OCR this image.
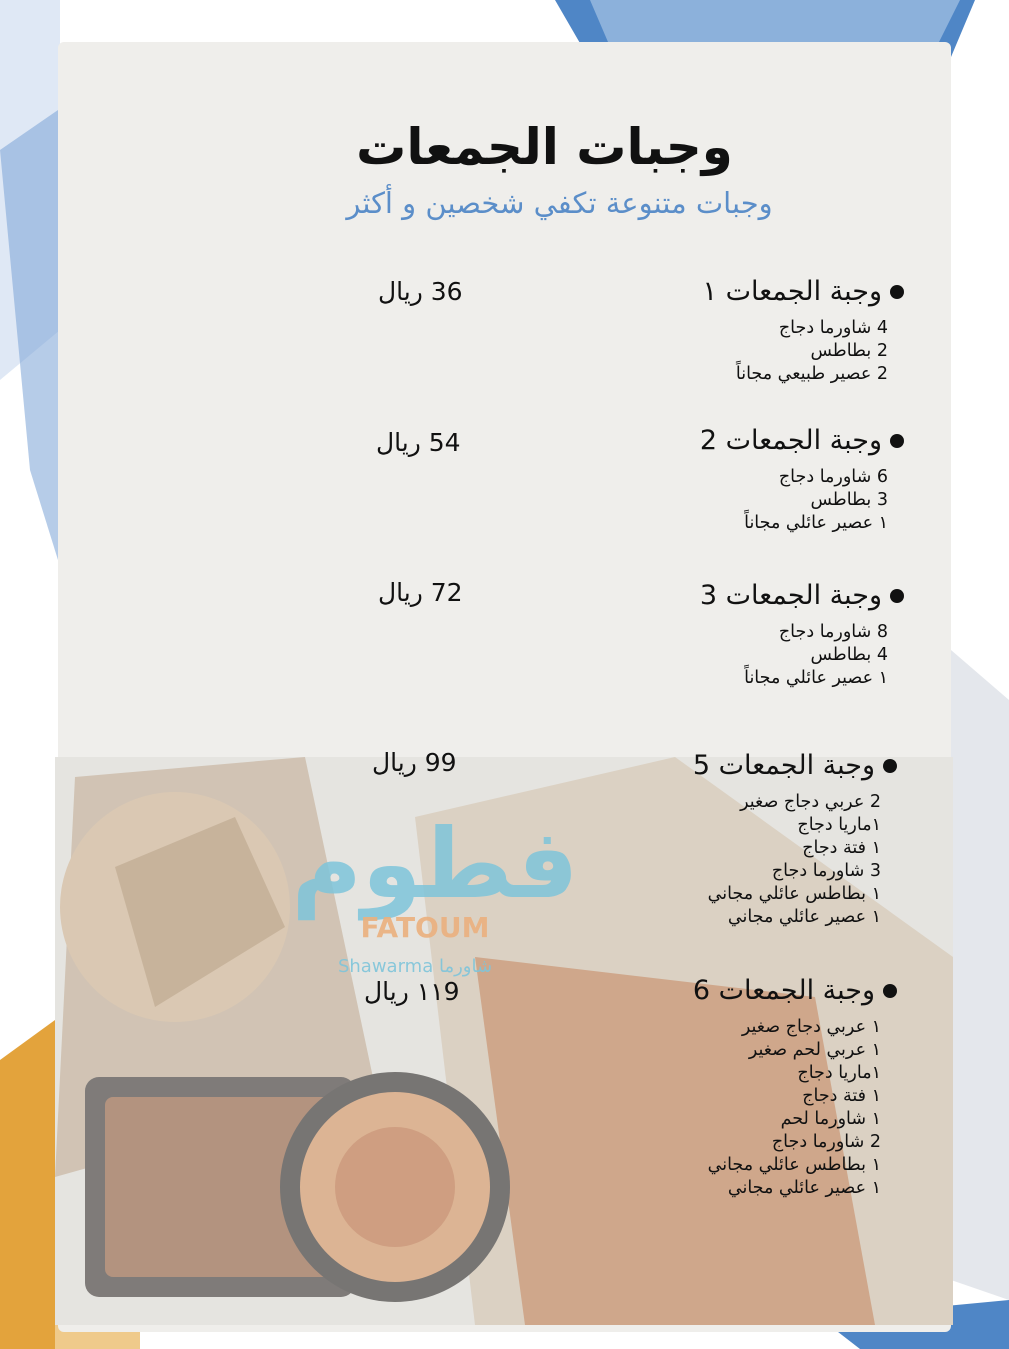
فطوم
FATOUM
Shawarma شاورما
وجبات الجمعات
وجبات متنوعة تكفي شخصين و أكثر
وجبة الجمعات ١
4 شاورما دجاج
2 بطاطس
2 عصير طبيعي مجاناً
36 ريال
وجبة الجمعات 2
6 شاورما دجاج
3 بطاطس
١ عصير عائلي مجاناً
54 ريال
وجبة الجمعات 3
8 شاورما دجاج
4 بطاطس
١ عصير عائلي مجاناً
72 ريال
وجبة الجمعات 5
2 عربي دجاج صغير
١ماريا دجاج
١ فتة دجاج
3 شاورما دجاج
١ بطاطس عائلي مجاني
١ عصير عائلي مجاني
99 ريال
وجبة الجمعات 6
١ عربي دجاج صغير
١ عربي لحم صغير
١ماريا دجاج
١ فتة دجاج
١ شاورما لحم
2 شاورما دجاج
١ بطاطس عائلي مجاني
١ عصير عائلي مجاني
١١9 ريال
